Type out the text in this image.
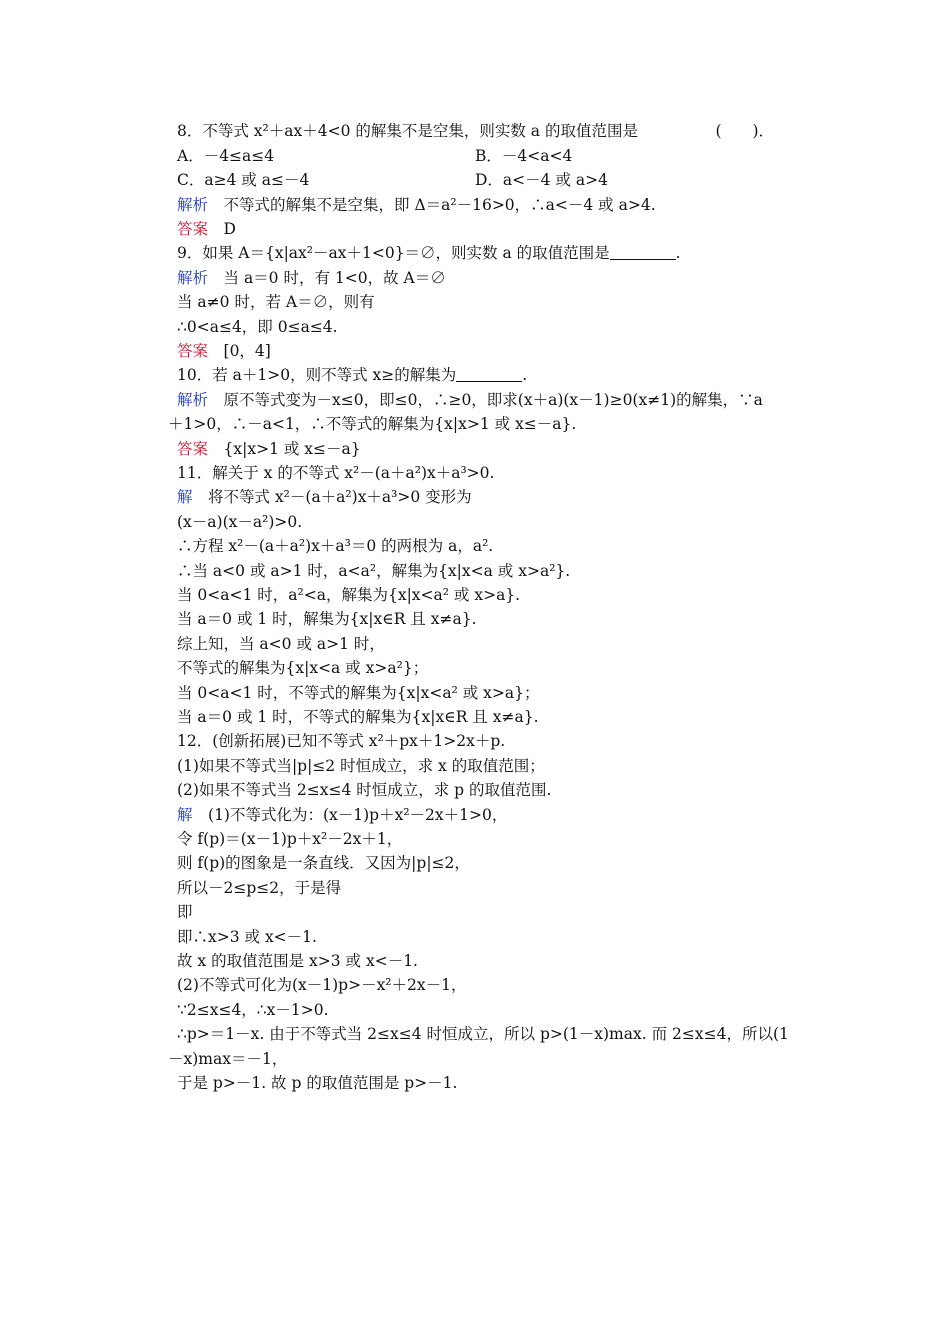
8．不等式 x²＋ax＋4<0 的解集不是空集，则实数 a 的取值范围是　　　　　(　　)．
A．－4≤a≤4	B．－4<a<4
C．a≥4 或 a≤－4	D．a<－4 或 a>4
解析　不等式的解集不是空集，即 Δ＝a²－16>0，∴a<－4 或 a>4.
答案　D
9．如果 A＝{x|ax²－ax＋1<0}＝∅，则实数 a 的取值范围是	.
解析　当 a＝0 时，有 1<0，故 A＝∅
当 a≠0 时，若 A＝∅，则有
∴0<a≤4，即 0≤a≤4.
答案　[0，4]
10．若 a＋1>0，则不等式 x≥的解集为	.
解析　原不等式变为－x≤0，即≤0，∴≥0，即求(x＋a)(x－1)≥0(x≠1)的解集，∵a
＋1>0，∴－a<1，∴不等式的解集为{x|x>1 或 x≤－a}.
答案　{x|x>1 或 x≤－a}
11．解关于 x 的不等式 x²－(a＋a²)x＋a³>0.
解　将不等式 x²－(a＋a²)x＋a³>0 变形为
(x－a)(x－a²)>0.
∴方程 x²－(a＋a²)x＋a³＝0 的两根为 a，a².
∴当 a<0 或 a>1 时，a<a²，解集为{x|x<a 或 x>a²}.
当 0<a<1 时，a²<a，解集为{x|x<a² 或 x>a}.
当 a＝0 或 1 时，解集为{x|x∈R 且 x≠a}.
综上知，当 a<0 或 a>1 时，
不等式的解集为{x|x<a 或 x>a²}；
当 0<a<1 时，不等式的解集为{x|x<a² 或 x>a}；
当 a＝0 或 1 时，不等式的解集为{x|x∈R 且 x≠a}.
12．(创新拓展)已知不等式 x²＋px＋1>2x＋p.
(1)如果不等式当|p|≤2 时恒成立，求 x 的取值范围；
(2)如果不等式当 2≤x≤4 时恒成立，求 p 的取值范围.
解　(1)不等式化为：(x－1)p＋x²－2x＋1>0，
令 f(p)＝(x－1)p＋x²－2x＋1，
则 f(p)的图象是一条直线．又因为|p|≤2，
所以－2≤p≤2，于是得
即
即∴x>3 或 x<－1.
故 x 的取值范围是 x>3 或 x<－1.
(2)不等式可化为(x－1)p>－x²＋2x－1，
∵2≤x≤4，∴x－1>0.
∴p>＝1－x. 由于不等式当 2≤x≤4 时恒成立，所以 p>(1－x)max. 而 2≤x≤4，所以(1
－x)max＝－1，
于是 p>－1. 故 p 的取值范围是 p>－1.
